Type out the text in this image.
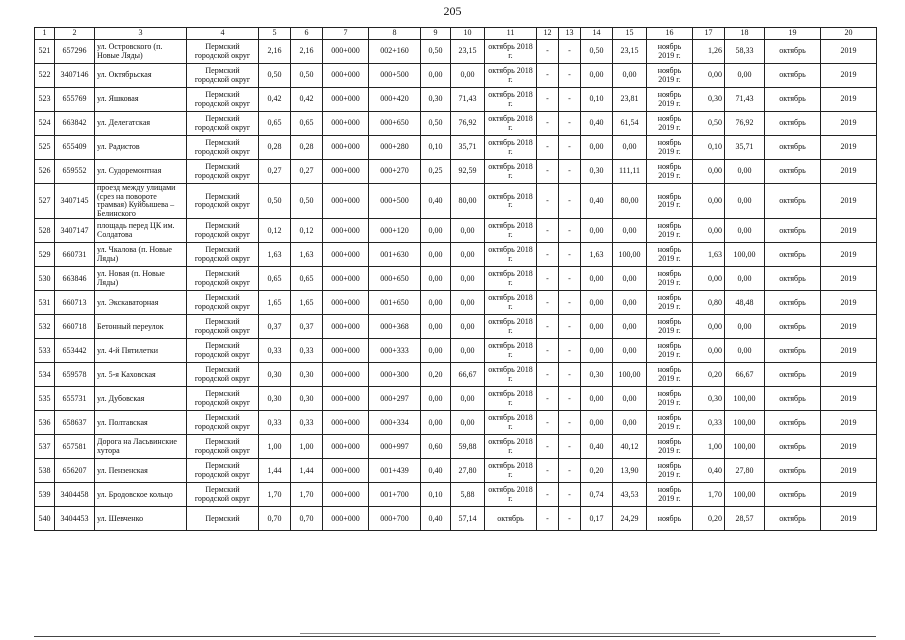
205
1	2	3	4	5	6	7	8	9	10	11	12	13	14	15	16	17	18	19	20
521	657296	ул. Островского (п. Новые Ляды)	Пермский городской округ	2,16	2,16	000+000	002+160	0,50	23,15	октябрь 2018 г.	-	-	0,50	23,15	ноябрь 2019 г.	1,26	58,33	октябрь	2019
522	3407146	ул. Октябрьская	Пермский городской округ	0,50	0,50	000+000	000+500	0,00	0,00	октябрь 2018 г.	-	-	0,00	0,00	ноябрь 2019 г.	0,00	0,00	октябрь	2019
523	655769	ул. Яшковая	Пермский городской округ	0,42	0,42	000+000	000+420	0,30	71,43	октябрь 2018 г.	-	-	0,10	23,81	ноябрь 2019 г.	0,30	71,43	октябрь	2019
524	663842	ул. Делегатская	Пермский городской округ	0,65	0,65	000+000	000+650	0,50	76,92	октябрь 2018 г.	-	-	0,40	61,54	ноябрь 2019 г.	0,50	76,92	октябрь	2019
525	655409	ул. Радистов	Пермский городской округ	0,28	0,28	000+000	000+280	0,10	35,71	октябрь 2018 г.	-	-	0,00	0,00	ноябрь 2019 г.	0,10	35,71	октябрь	2019
526	659552	ул. Судоремонтная	Пермский городской округ	0,27	0,27	000+000	000+270	0,25	92,59	октябрь 2018 г.	-	-	0,30	111,11	ноябрь 2019 г.	0,00	0,00	октябрь	2019
527	3407145	проезд между улицами (срез на повороте трамвая) Куйбышева – Белинского	Пермский городской округ	0,50	0,50	000+000	000+500	0,40	80,00	октябрь 2018 г.	-	-	0,40	80,00	ноябрь 2019 г.	0,00	0,00	октябрь	2019
528	3407147	площадь перед ЦК им. Солдатова	Пермский городской округ	0,12	0,12	000+000	000+120	0,00	0,00	октябрь 2018 г.	-	-	0,00	0,00	ноябрь 2019 г.	0,00	0,00	октябрь	2019
529	660731	ул. Чкалова (п. Новые Ляды)	Пермский городской округ	1,63	1,63	000+000	001+630	0,00	0,00	октябрь 2018 г.	-	-	1,63	100,00	ноябрь 2019 г.	1,63	100,00	октябрь	2019
530	663846	ул. Новая (п. Новые Ляды)	Пермский городской округ	0,65	0,65	000+000	000+650	0,00	0,00	октябрь 2018 г.	-	-	0,00	0,00	ноябрь 2019 г.	0,00	0,00	октябрь	2019
531	660713	ул. Экскаваторная	Пермский городской округ	1,65	1,65	000+000	001+650	0,00	0,00	октябрь 2018 г.	-	-	0,00	0,00	ноябрь 2019 г.	0,80	48,48	октябрь	2019
532	660718	Бетонный переулок	Пермский городской округ	0,37	0,37	000+000	000+368	0,00	0,00	октябрь 2018 г.	-	-	0,00	0,00	ноябрь 2019 г.	0,00	0,00	октябрь	2019
533	653442	ул. 4-й Пятилетки	Пермский городской округ	0,33	0,33	000+000	000+333	0,00	0,00	октябрь 2018 г.	-	-	0,00	0,00	ноябрь 2019 г.	0,00	0,00	октябрь	2019
534	659578	ул. 5-я Каховская	Пермский городской округ	0,30	0,30	000+000	000+300	0,20	66,67	октябрь 2018 г.	-	-	0,30	100,00	ноябрь 2019 г.	0,20	66,67	октябрь	2019
535	655731	ул. Дубовская	Пермский городской округ	0,30	0,30	000+000	000+297	0,00	0,00	октябрь 2018 г.	-	-	0,00	0,00	ноябрь 2019 г.	0,30	100,00	октябрь	2019
536	658637	ул. Полтавская	Пермский городской округ	0,33	0,33	000+000	000+334	0,00	0,00	октябрь 2018 г.	-	-	0,00	0,00	ноябрь 2019 г.	0,33	100,00	октябрь	2019
537	657581	Дорога на Ласьвинские хутора	Пермский городской округ	1,00	1,00	000+000	000+997	0,60	59,88	октябрь 2018 г.	-	-	0,40	40,12	ноябрь 2019 г.	1,00	100,00	октябрь	2019
538	656207	ул. Пензенская	Пермский городской округ	1,44	1,44	000+000	001+439	0,40	27,80	октябрь 2018 г.	-	-	0,20	13,90	ноябрь 2019 г.	0,40	27,80	октябрь	2019
539	3404458	ул. Бродовское кольцо	Пермский городской округ	1,70	1,70	000+000	001+700	0,10	5,88	октябрь 2018 г.	-	-	0,74	43,53	ноябрь 2019 г.	1,70	100,00	октябрь	2019
540	3404453	ул. Шевченко	Пермский	0,70	0,70	000+000	000+700	0,40	57,14	октябрь	-	-	0,17	24,29	ноябрь	0,20	28,57	октябрь	2019
